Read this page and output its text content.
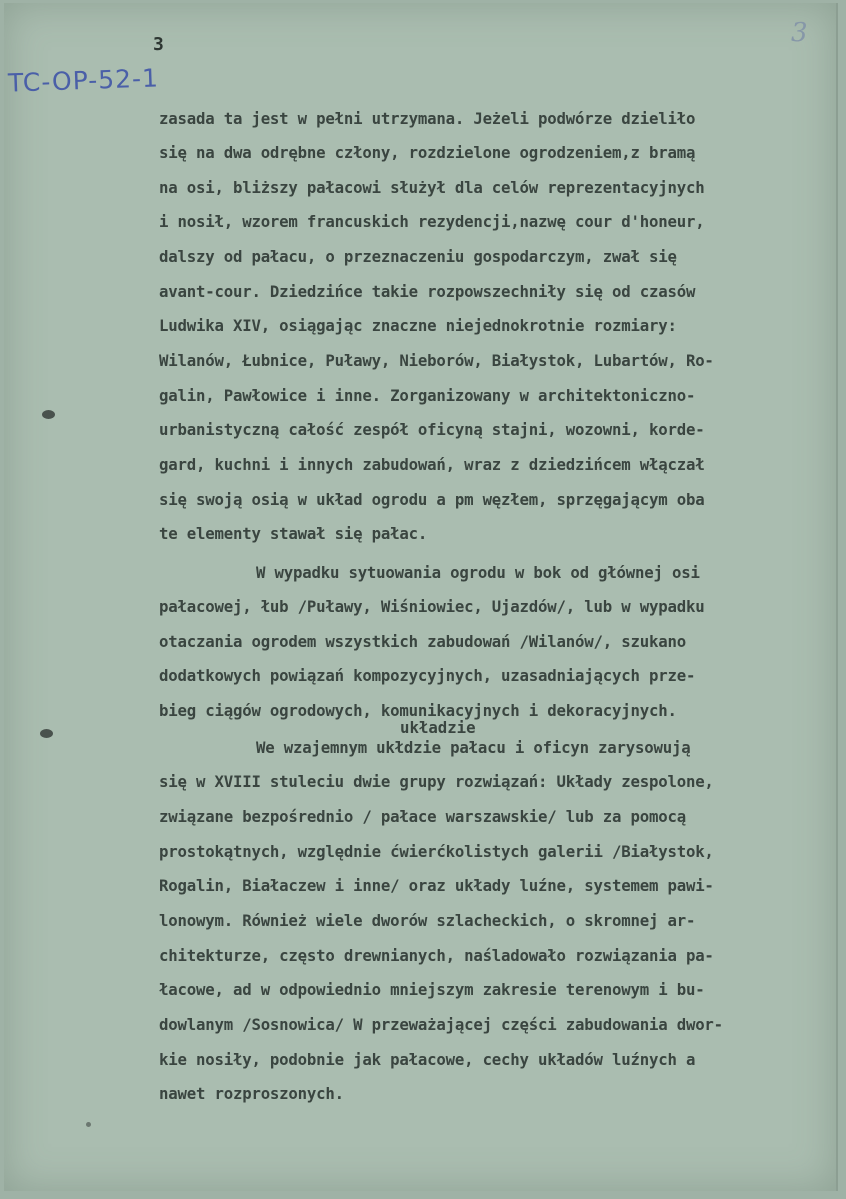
3
3
TC-OP-52-1
zasada ta jest w pełni utrzymana. Jeżeli podwórze dzieliło
się na dwa odrębne człony, rozdzielone ogrodzeniem,z bramą
na osi, bliższy pałacowi służył dla celów reprezentacyjnych
i nosił, wzorem francuskich rezydencji,nazwę cour d'honeur,
dalszy od pałacu, o przeznaczeniu gospodarczym, zwał się
avant-cour. Dziedzińce takie rozpowszechniły się od czasów
Ludwika XIV, osiągając znaczne niejednokrotnie rozmiary:
Wilanów, Łubnice, Puławy, Nieborów, Białystok, Lubartów, Ro-
galin, Pawłowice i inne. Zorganizowany w architektoniczno-
urbanistyczną całość zespół oficyną stajni, wozowni, korde-
gard, kuchni i innych zabudowań, wraz z dziedzińcem włączał
się swoją osią w układ ogrodu a pm węzłem, sprzęgającym oba
te elementy stawał się pałac.
W wypadku sytuowania ogrodu w bok od głównej osi
pałacowej, łub /Puławy, Wiśniowiec, Ujazdów/, lub w wypadku
otaczania ogrodem wszystkich zabudowań /Wilanów/, szukano
dodatkowych powiązań kompozycyjnych, uzasadniających prze-
bieg ciągów ogrodowych, komunikacyjnych i dekoracyjnych.
układzie
We wzajemnym ukłdzie pałacu i oficyn zarysowują
się w XVIII stuleciu dwie grupy rozwiązań: Układy zespolone,
związane bezpośrednio / pałace warszawskie/ lub za pomocą
prostokątnych, względnie ćwierćkolistych galerii /Białystok,
Rogalin, Białaczew i inne/ oraz układy luźne, systemem pawi-
lonowym. Również wiele dworów szlacheckich, o skromnej ar-
chitekturze, często drewnianych, naśladowało rozwiązania pa-
łacowe, ad w odpowiednio mniejszym zakresie terenowym i bu-
dowlanym /Sosnowica/ W przeważającej części zabudowania dwor-
kie nosiły, podobnie jak pałacowe, cechy układów luźnych a
nawet rozproszonych.
